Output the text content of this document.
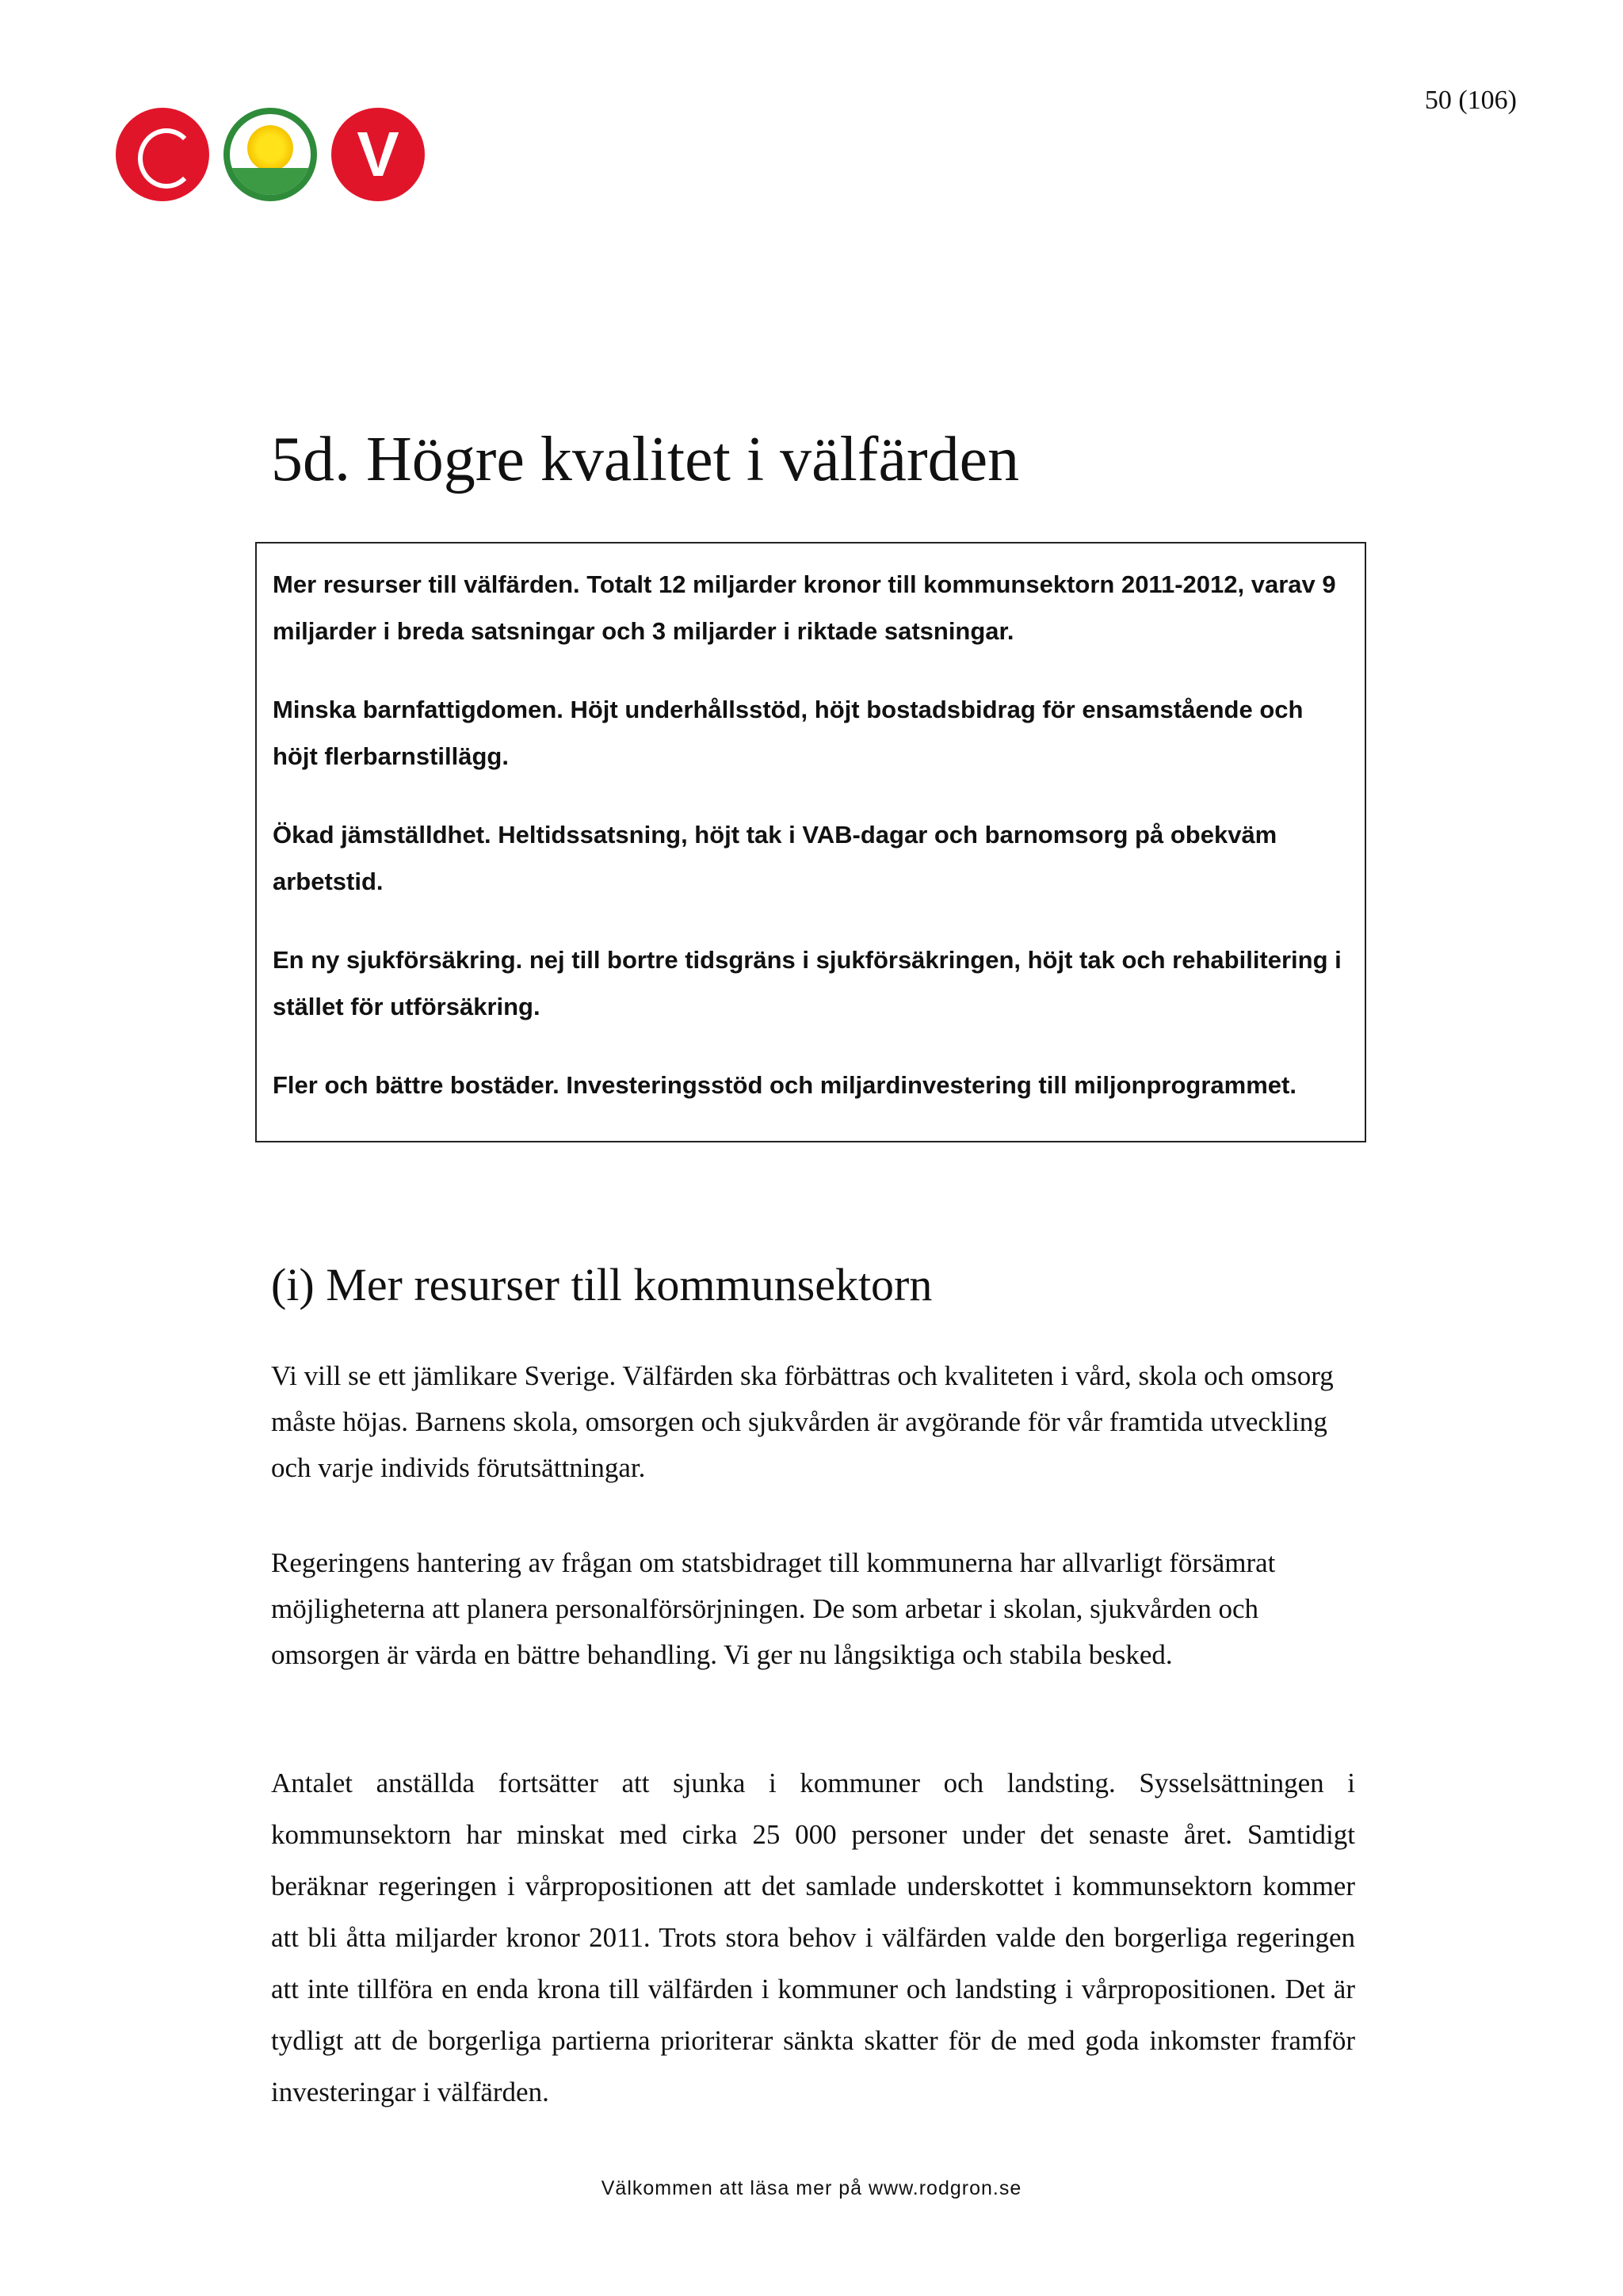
50 (106)
V
5d. Högre kvalitet i välfärden

Mer resurser till välfärden. Totalt 12 miljarder kronor till kommunsektorn 2011-2012, varav 9 miljarder i breda satsningar och 3 miljarder i riktade satsningar.

Minska barnfattigdomen. Höjt underhållsstöd, höjt bostadsbidrag för ensamstående och höjt flerbarnstillägg.

Ökad jämställdhet. Heltidssatsning, höjt tak i VAB-dagar och barnomsorg på obekväm arbetstid.

En ny sjukförsäkring. nej till bortre tidsgräns i sjukförsäkringen, höjt tak och rehabilitering i stället för utförsäkring.

Fler och bättre bostäder. Investeringsstöd och miljardinvestering till miljonprogrammet.

(i) Mer resurser till kommunsektorn

Vi vill se ett jämlikare Sverige. Välfärden ska förbättras och kvaliteten i vård, skola och omsorg måste höjas. Barnens skola, omsorgen och sjukvården är avgörande för vår framtida utveckling och varje individs förutsättningar.

Regeringens hantering av frågan om statsbidraget till kommunerna har allvarligt försämrat möjligheterna att planera personalförsörjningen. De som arbetar i skolan, sjukvården och omsorgen är värda en bättre behandling. Vi ger nu långsiktiga och stabila besked.

Antalet anställda fortsätter att sjunka i kommuner och landsting. Sysselsättningen i kommunsektorn har minskat med cirka 25 000 personer under det senaste året. Samtidigt beräknar regeringen i vårpropositionen att det samlade underskottet i kommunsektorn kommer att bli åtta miljarder kronor 2011. Trots stora behov i välfärden valde den borgerliga regeringen att inte tillföra en enda krona till välfärden i kommuner och landsting i vårpropositionen. Det är tydligt att de borgerliga partierna prioriterar sänkta skatter för de med goda inkomster framför investeringar i välfärden.

Välkommen att läsa mer på www.rodgron.se
